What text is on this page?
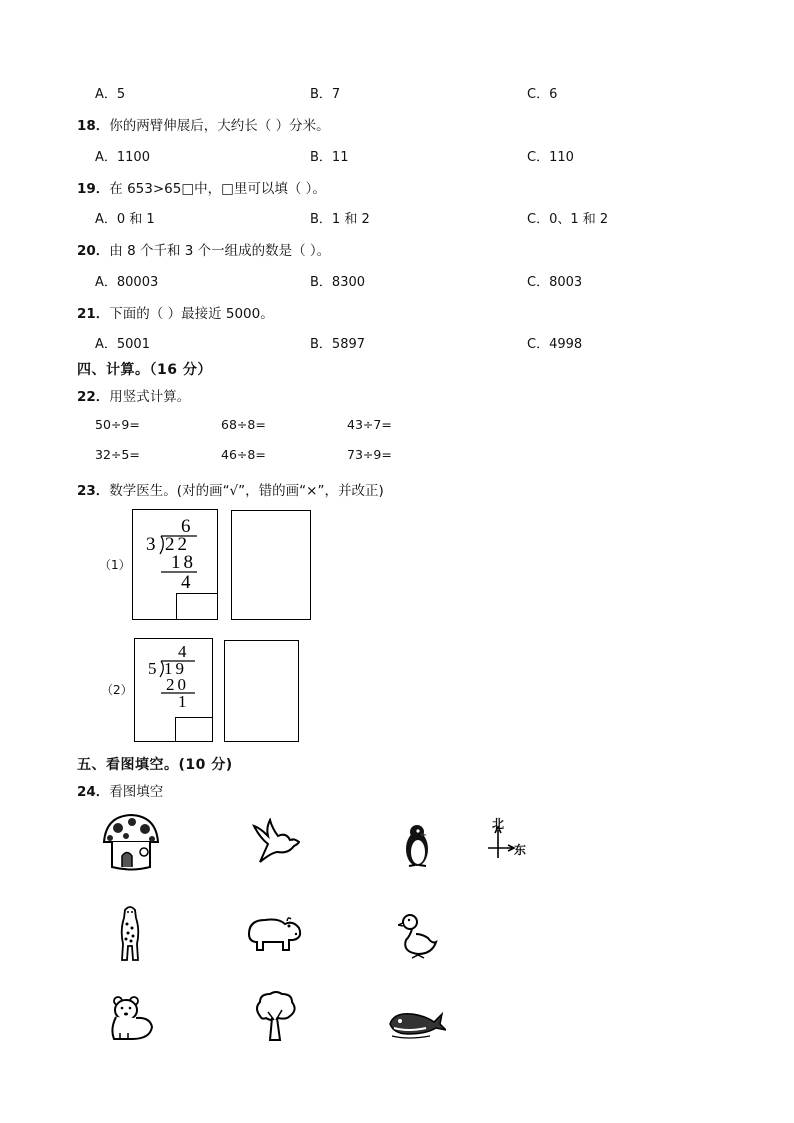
A．5	B．7	C．6
18．你的两臂伸展后，大约长（ ）分米。
A．1100	B．11	C．110
19．在 653>65□中，□里可以填（ ）。
A．0 和 1	B．1 和 2	C．0、1 和 2
20．由 8 个千和 3 个一组成的数是（ ）。
A．80003	B．8300	C．8003
21．下面的（ ）最接近 5000。
A．5001	B．5897	C．4998
四、计算。（16 分）
22．用竖式计算。
50÷9=	68÷8=	43÷7=
32÷5=	46÷8=	73÷9=
23．数学医生。(对的画“√”，错的画“×”，并改正)
（1）
6
3 22
18
4
（2）
4
5 19
20
1
五、看图填空。(10 分)
24．看图填空
北
东
